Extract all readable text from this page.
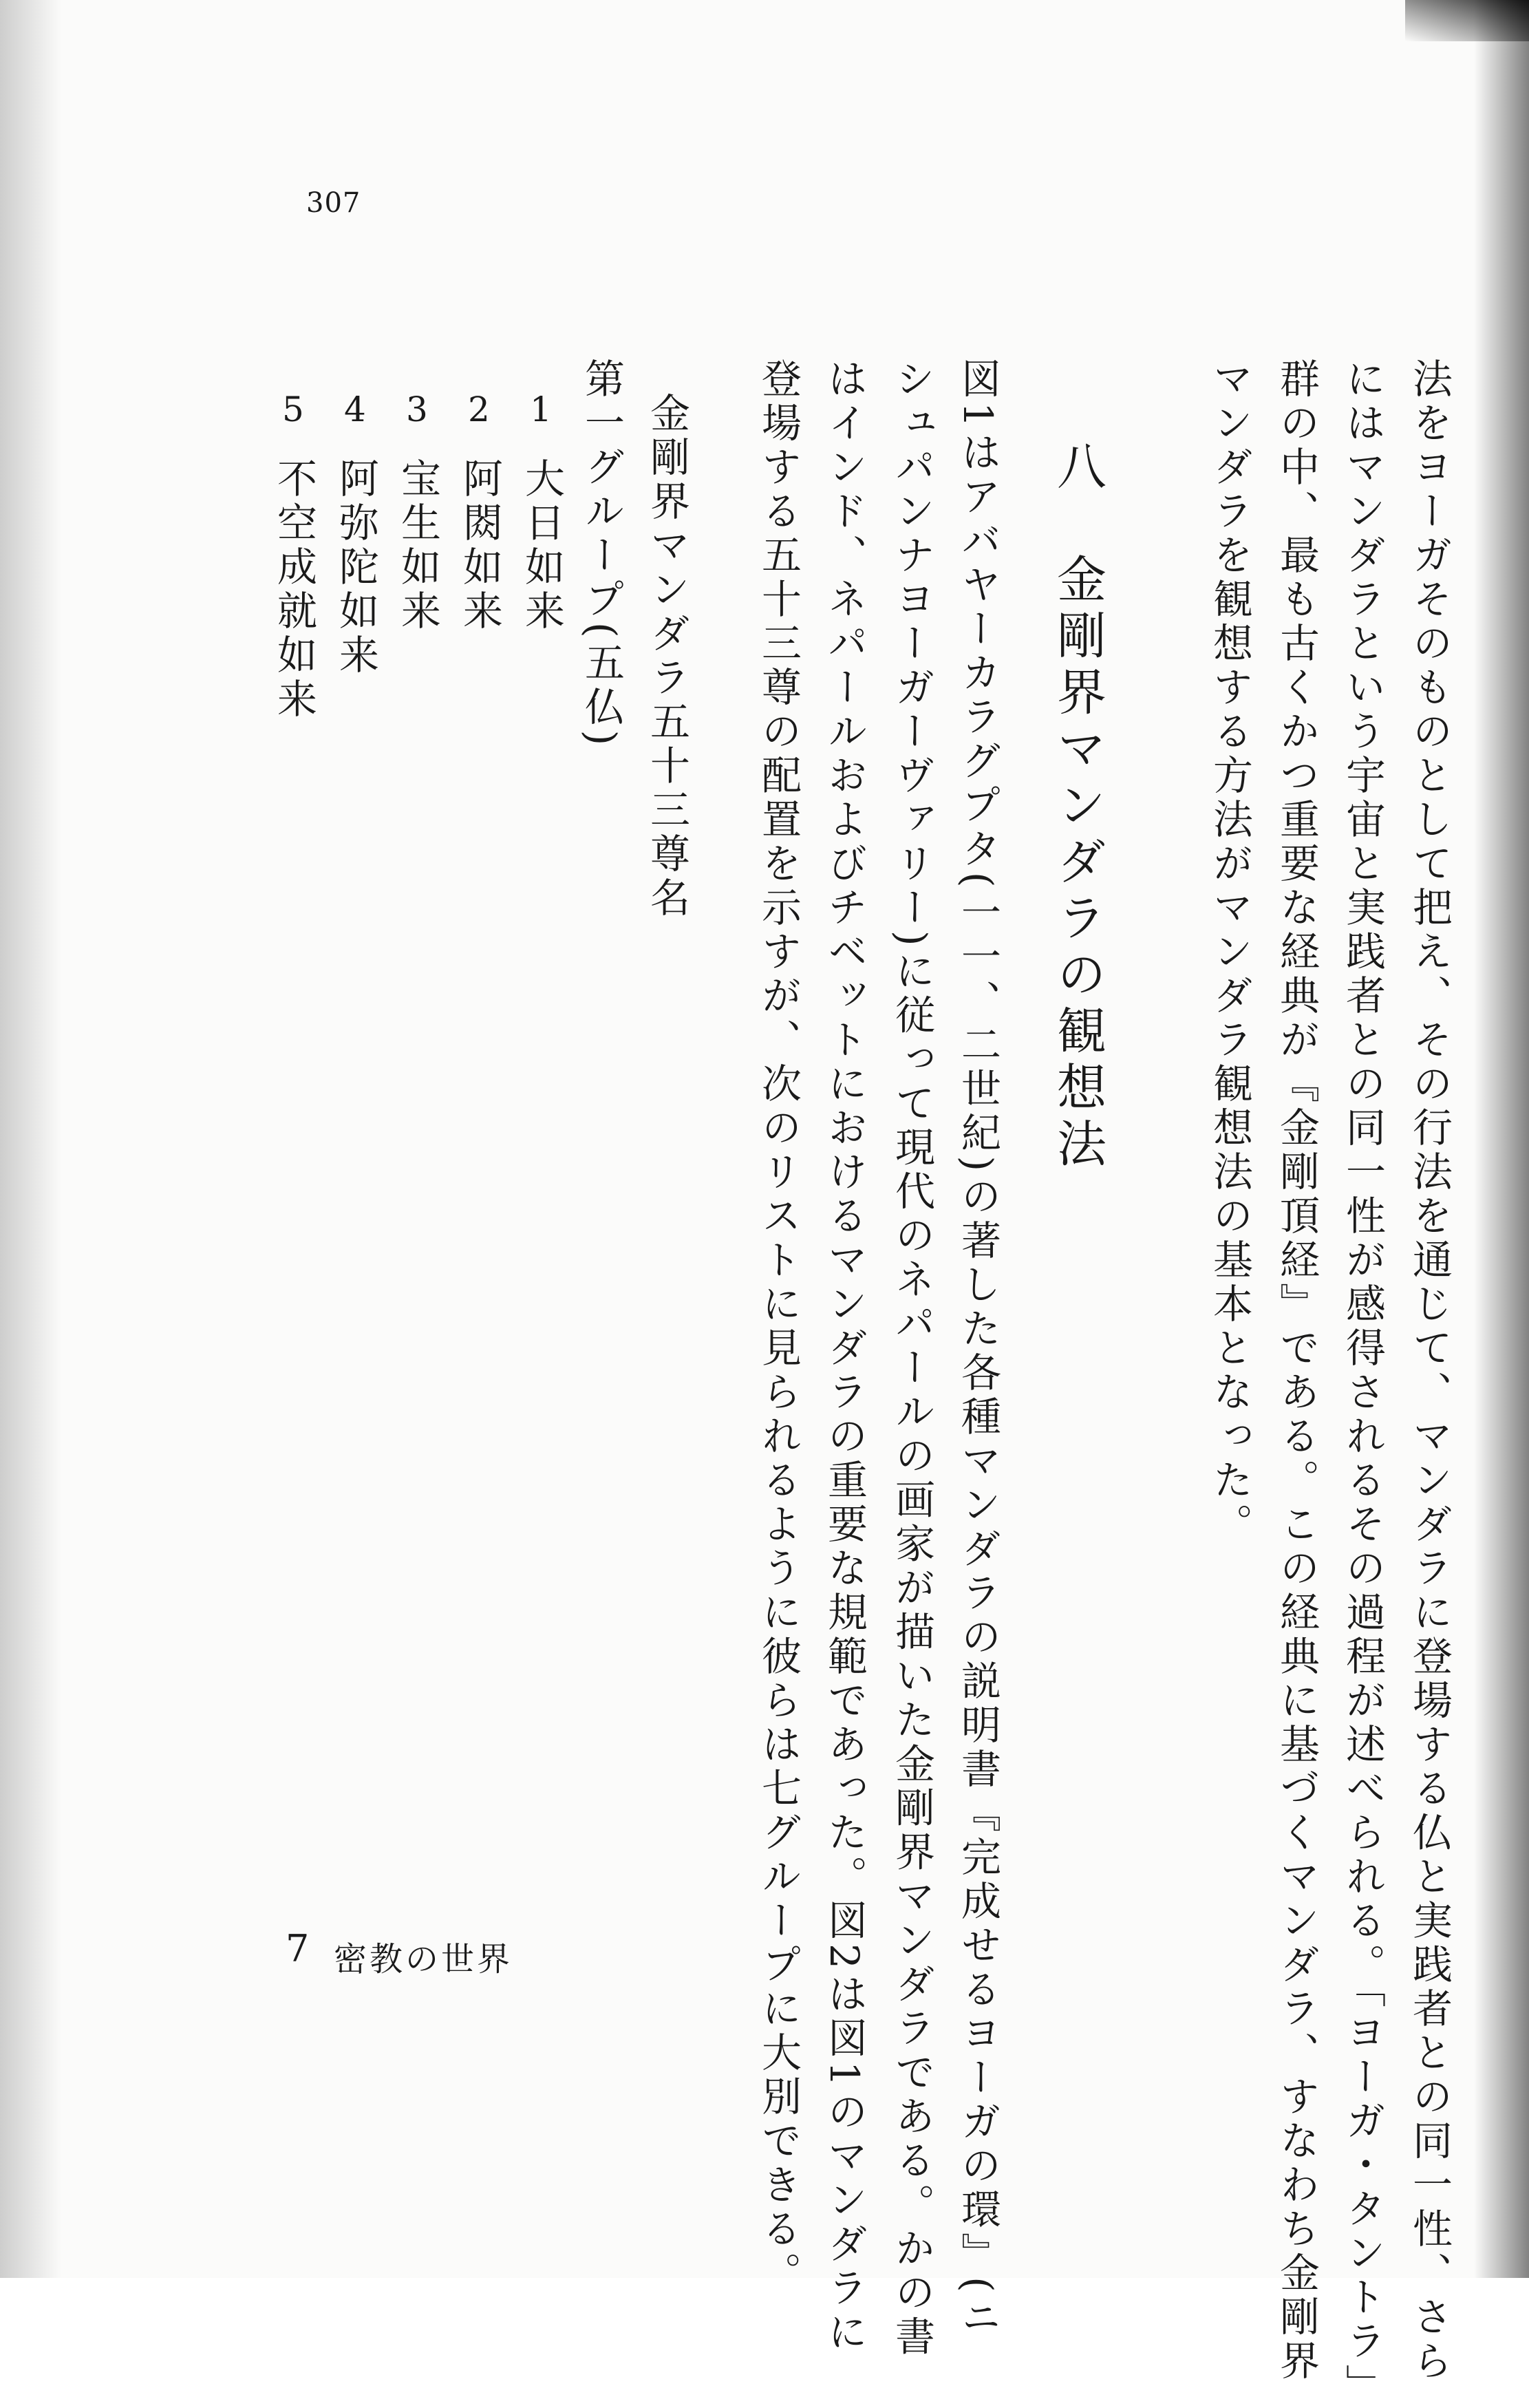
307
法をヨーガそのものとして把え、その行法を通じて、マンダラに登場する仏と実践者との同一性、さら
にはマンダラという宇宙と実践者との同一性が感得されるその過程が述べられる。「ヨーガ・タントラ」
群の中、最も古くかつ重要な経典が『金剛頂経』である。この経典に基づくマンダラ、すなわち金剛界
マンダラを観想する方法がマンダラ観想法の基本となった。
八　金剛界マンダラの観想法
図1はアバヤーカラグプタ(一一、二世紀)の著した各種マンダラの説明書『完成せるヨーガの環』(ニ
シュパンナヨーガーヴァリー)に従って現代のネパールの画家が描いた金剛界マンダラである。かの書
はインド、ネパールおよびチベットにおけるマンダラの重要な規範であった。図2は図1のマンダラに
登場する五十三尊の配置を示すが、次のリストに見られるように彼らは七グループに大別できる。
金剛界マンダラ五十三尊名
第一グループ(五仏)
1
大日如来
2
阿閦如来
3
宝生如来
4
阿弥陀如来
5
不空成就如来
7 密教の世界
